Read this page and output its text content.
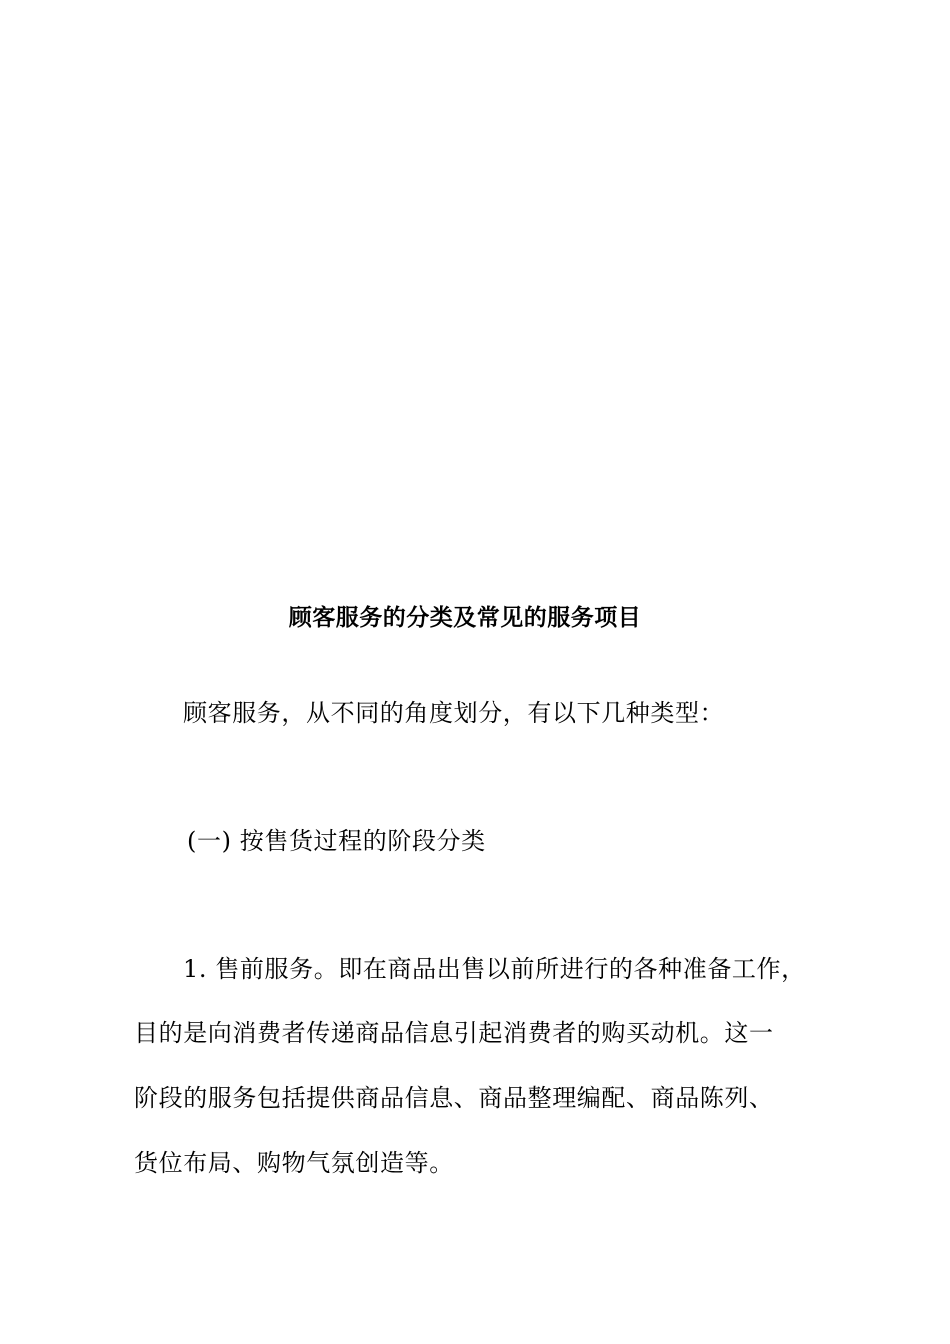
顾客服务的分类及常见的服务项目
顾客服务，从不同的角度划分，有以下几种类型：
(一) 按售货过程的阶段分类
1. 售前服务。即在商品出售以前所进行的各种准备工作，
目的是向消费者传递商品信息引起消费者的购买动机。这一
阶段的服务包括提供商品信息、商品整理编配、商品陈列、
货位布局、购物气氛创造等。
